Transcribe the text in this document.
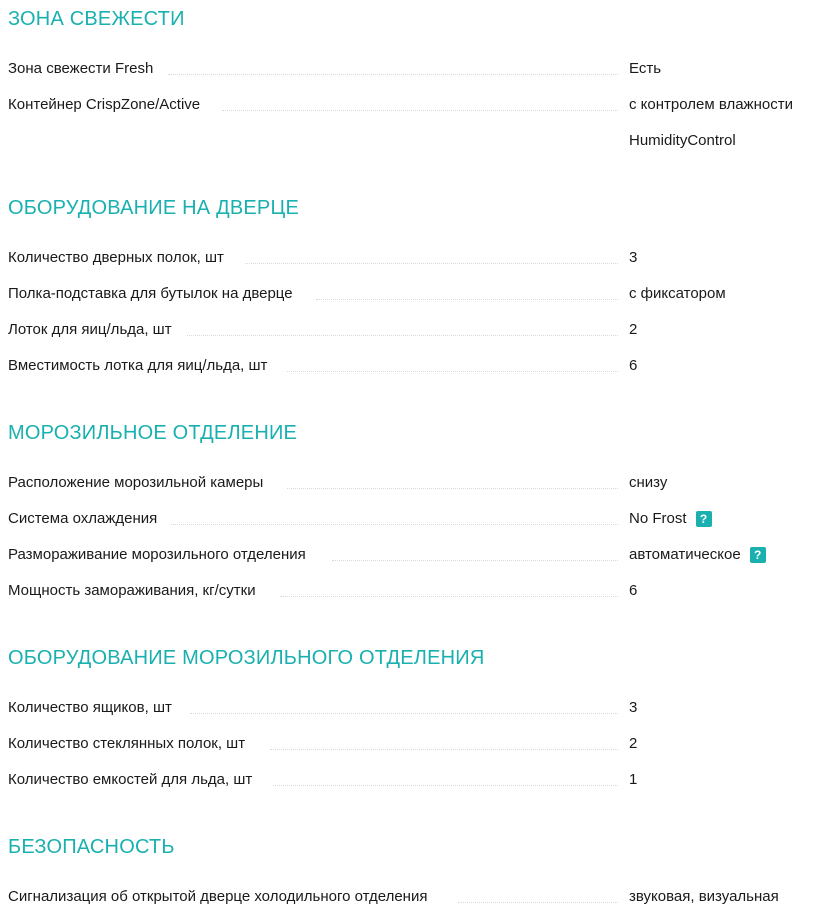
ЗОНА СВЕЖЕСТИ
Зона свежести Fresh	Есть
Контейнер CrispZone/Active	с контролем влажности
HumidityControl
ОБОРУДОВАНИЕ НА ДВЕРЦЕ
Количество дверных полок, шт	3
Полка-подставка для бутылок на дверце	с фиксатором
Лоток для яиц/льда, шт	2
Вместимость лотка для яиц/льда, шт	6
МОРОЗИЛЬНОЕ ОТДЕЛЕНИЕ
Расположение морозильной камеры	снизу
Система охлаждения	No Frost	?
Размораживание морозильного отделения	автоматическое	?
Мощность замораживания, кг/сутки	6
ОБОРУДОВАНИЕ МОРОЗИЛЬНОГО ОТДЕЛЕНИЯ
Количество ящиков, шт	3
Количество стеклянных полок, шт	2
Количество емкостей для льда, шт	1
БЕЗОПАСНОСТЬ
Сигнализация об открытой дверце холодильного отделения	звуковая, визуальная
